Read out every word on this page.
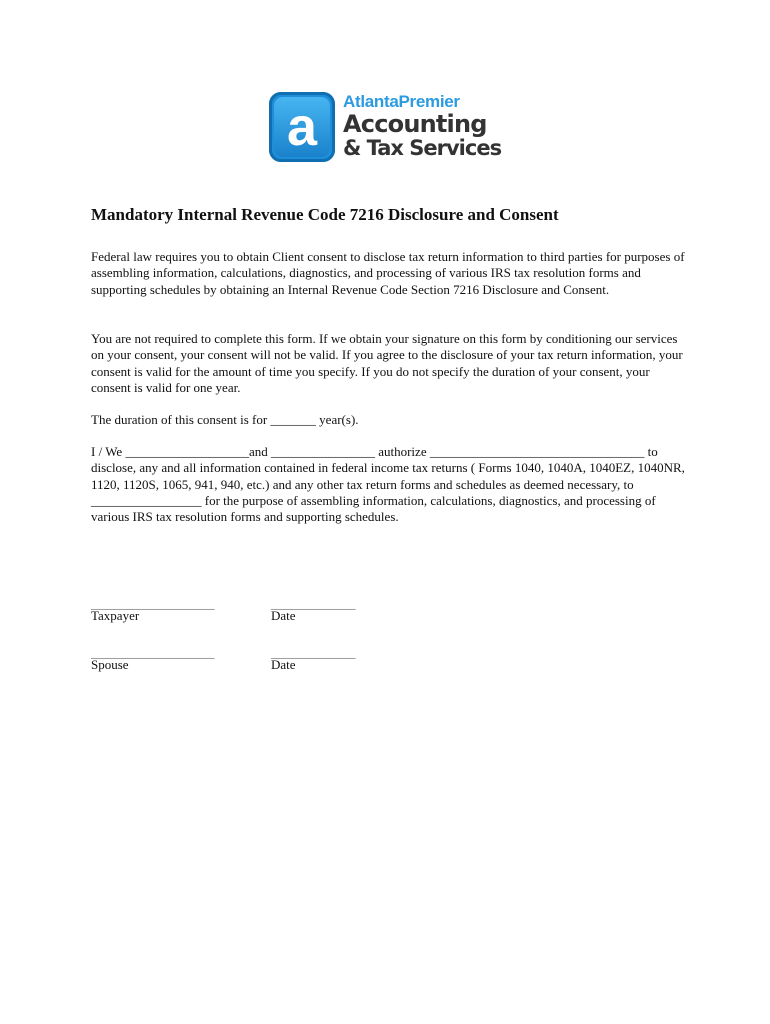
a	AtlantaPremier
Accounting
& Tax Services
Mandatory Internal Revenue Code 7216 Disclosure and Consent

Federal law requires you to obtain Client consent to disclose tax return information to third parties for purposes of assembling information, calculations, diagnostics, and processing of various IRS tax resolution forms and supporting schedules by obtaining an Internal Revenue Code Section 7216 Disclosure and Consent.

You are not required to complete this form. If we obtain your signature on this form by conditioning our services on your consent, your consent will not be valid. If you agree to the disclosure of your tax return information, your consent is valid for the amount of time you specify. If you do not specify the duration of your consent, your consent is valid for one year.

The duration of this consent is for _______ year(s).

I / We ___________________and ________________ authorize _________________________________ to disclose, any and all information contained in federal income tax returns ( Forms 1040, 1040A, 1040EZ, 1040NR, 1120, 1120S, 1065, 941, 940, etc.) and any other tax return forms and schedules as deemed necessary, to _________________ for the purpose of assembling information, calculations, diagnostics, and processing of various IRS tax resolution forms and supporting schedules.

___________________
Taxpayer
_____________
Date
___________________
Spouse
_____________
Date
